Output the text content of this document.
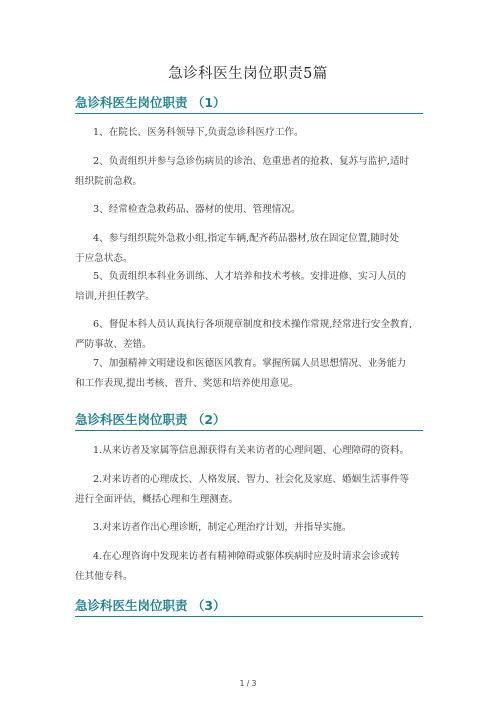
急诊科医生岗位职责5篇
急诊科医生岗位职责 （1）
1、在院长、医务科领导下,负责急诊科医疗工作。
2、负责组织并参与急诊伤病员的诊治、危重患者的抢救、复苏与监护,适时
组织院前急救。
3、经常检查急救药品、器材的使用、管理情况。
4、参与组织院外急救小组,指定车辆,配齐药品器材,放在固定位置,随时处
于应急状态。
5、负责组织本科业务训练、人才培养和技术考核。安排进修、实习人员的
培训,并担任教学。
6、督促本科人员认真执行各项规章制度和技术操作常规,经常进行安全教育,
严防事故、差错。
7、加强精神文明建设和医德医风教育。掌握所属人员思想情况、业务能力
和工作表现,提出考核、晋升、奖惩和培养使用意见。
急诊科医生岗位职责 （2）
1.从来访者及家属等信息源获得有关来访者的心理问题、心理障碍的资料。
2.对来访者的心理成长、人格发展、智力、社会化及家庭、婚姻生活事件等
进行全面评估，概括心理和生理测查。
3.对来访者作出心理诊断，制定心理治疗计划，并指导实施。
4.在心理咨询中发现来访者有精神障碍或躯体疾病时应及时请求会诊或转
住其他专科。
急诊科医生岗位职责 （3）
1 / 3
